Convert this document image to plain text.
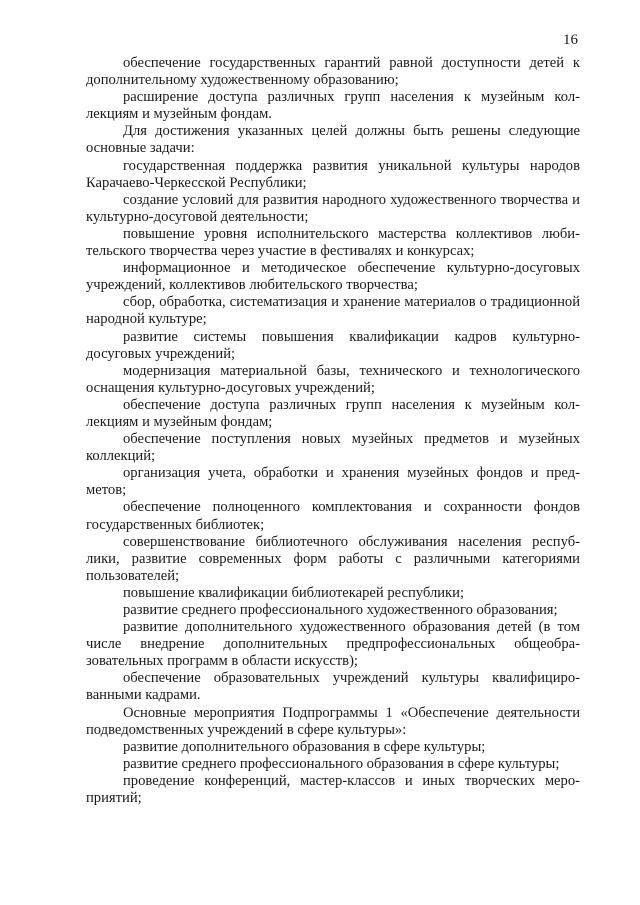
16

обеспечение государственных гарантий равной доступности детей к дополнительному художественному образованию;

расширение доступа различных групп населения к музейным коллекциям и музейным фондам.

Для достижения указанных целей должны быть решены следующие основные задачи:

государственная поддержка развития уникальной культуры народов Карачаево-Черкесской Республики;

создание условий для развития народного художественного творчества и культурно-досуговой деятельности;

повышение уровня исполнительского мастерства коллективов любительского творчества через участие в фестивалях и конкурсах;

информационное и методическое обеспечение культурно-досуговых учреждений, коллективов любительского творчества;

сбор, обработка, систематизация и хранение материалов о традиционной народной культуре;

развитие системы повышения квалификации кадров культурно-досуговых учреждений;

модернизация материальной базы, технического и технологического оснащения культурно-досуговых учреждений;

обеспечение доступа различных групп населения к музейным коллекциям и музейным фондам;

обеспечение поступления новых музейных предметов и музейных коллекций;

организация учета, обработки и хранения музейных фондов и предметов;

обеспечение полноценного комплектования и сохранности фондов государственных библиотек;

совершенствование библиотечного обслуживания населения республики, развитие современных форм работы с различными категориями пользователей;

повышение квалификации библиотекарей республики;

развитие среднего профессионального художественного образования;

развитие дополнительного художественного образования детей (в том числе внедрение дополнительных предпрофессиональных общеобразовательных программ в области искусств);

обеспечение образовательных учреждений культуры квалифицированными кадрами.

Основные мероприятия Подпрограммы 1 «Обеспечение деятельности подведомственных учреждений в сфере культуры»:

развитие дополнительного образования в сфере культуры;

развитие среднего профессионального образования в сфере культуры;

проведение конференций, мастер-классов и иных творческих мероприятий;
